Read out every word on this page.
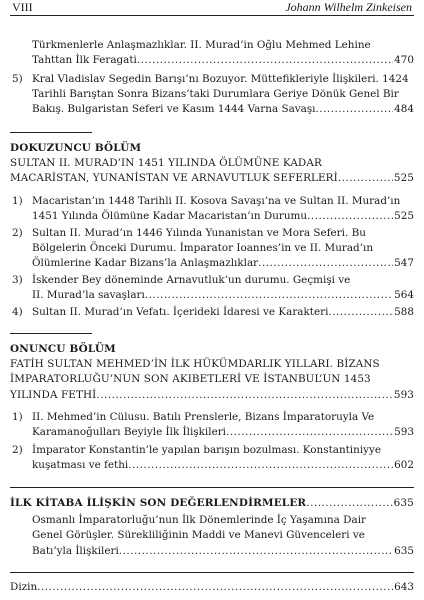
VIII	Johann Wilhelm Zinkeisen
Türkmenlerle Anlaşmazlıklar. II. Murad’in Oğlu Mehmed Lehine
Tahttan İlk Feragati .....	470
5) Kral Vladislav Segedin Barışı’nı Bozuyor. Müttefikleriyle İlişkileri. 1424
Tarihli Barıştan Sonra Bizans’taki Durumlara Geriye Dönük Genel Bir
Bakış. Bulgaristan Seferi ve Kasım 1444 Varna Savaşı .....	484
DOKUZUNCU BÖLÜM
SULTAN II. MURAD’IN 1451 YILINDA ÖLÜMÜNE KADAR
MACARİSTAN, YUNANİSTAN VE ARNAVUTLUK SEFERLERİ .....	525
1) Macaristan’ın 1448 Tarihli II. Kosova Savaşı’na ve Sultan II. Murad’ın
1451 Yılında Ölümüne Kadar Macaristan’ın Durumu .....	525
2) Sultan II. Murad’ın 1446 Yılında Yunanistan ve Mora Seferi. Bu
Bölgelerin Önceki Durumu. İmparator Ioannes’in ve II. Murad’ın
Ölümlerine Kadar Bizans’la Anlaşmazlıklar .....	547
3) İskender Bey döneminde Arnavutluk’un durumu. Geçmişi ve
II. Murad’la savaşları .....	564
4) Sultan II. Murad’ın Vefatı. İçerideki İdaresi ve Karakteri .....	588
ONUNCU BÖLÜM
FATİH SULTAN MEHMED’İN İLK HÜKÜMDARLIK YILLARI. BİZANS
İMPARATORLUĞU’NUN SON AKIBETLERİ VE İSTANBUL’UN 1453
YILINDA FETHİ .....	593
1) II. Mehmed’in Cülusu. Batılı Prenslerle, Bizans İmparatoruyla Ve
Karamanoğulları Beyiyle İlk İlişkileri .....	593
2) İmparator Konstantin’le yapılan barışın bozulması. Konstantiniyye
kuşatması ve fethi .....	602
İLK KİTABA İLİŞKİN SON DEĞERLENDİRMELER .....	635
Osmanlı İmparatorluğu’nun İlk Dönemlerinde İç Yaşamına Dair
Genel Görüşler. Sürekliliğinin Maddi ve Manevi Güvenceleri ve
Batı’yla İlişkileri .....	635
Dizin .....	643
